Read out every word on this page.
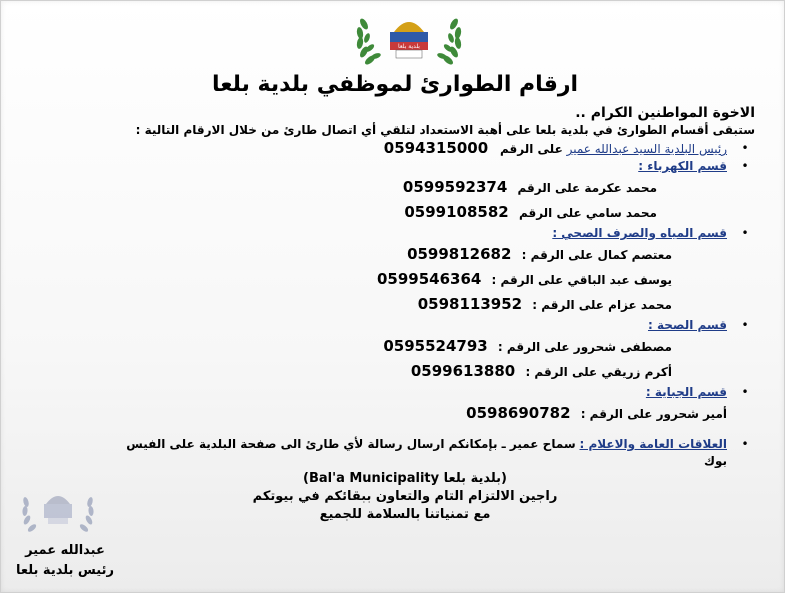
بلدية بلعا
ارقام الطوارئ لموظفي بلدية بلعا
الاخوة المواطنين الكرام ..
ستبقى أقسام الطوارئ في بلدية بلعا على أهبة الاستعداد لتلقي أي اتصال طارئ من خلال الارقام التالية :
•
رئيس البلدية السيد عبدالله عمير على الرقم 0594315000
•
قسم الكهرباء :
محمد عكرمة على الرقم 0599592374
محمد سامي على الرقم 0599108582
•
قسم المياه والصرف الصحي :
معتصم كمال على الرقم : 0599812682
يوسف عبد الباقي على الرقم : 0599546364
محمد عزام على الرقم : 0598113952
•
قسم الصحة :
مصطفى شحرور على الرقم : 0595524793
أكرم زريقي على الرقم : 0599613880
•
قسم الجباية :
أمير شحرور على الرقم : 0598690782
•
العلاقات العامة والاعلام : سماح عمير ـ بإمكانكم ارسال رسالة لأي طارئ الى صفحة البلدية على الفيس بوك
(بلدية بلعا Bal'a Municipality)
راجين الالتزام التام والتعاون ببقائكم في بيوتكم
مع تمنياتنا بالسلامة للجميع
عبدالله عمير
رئيس بلدية بلعا
